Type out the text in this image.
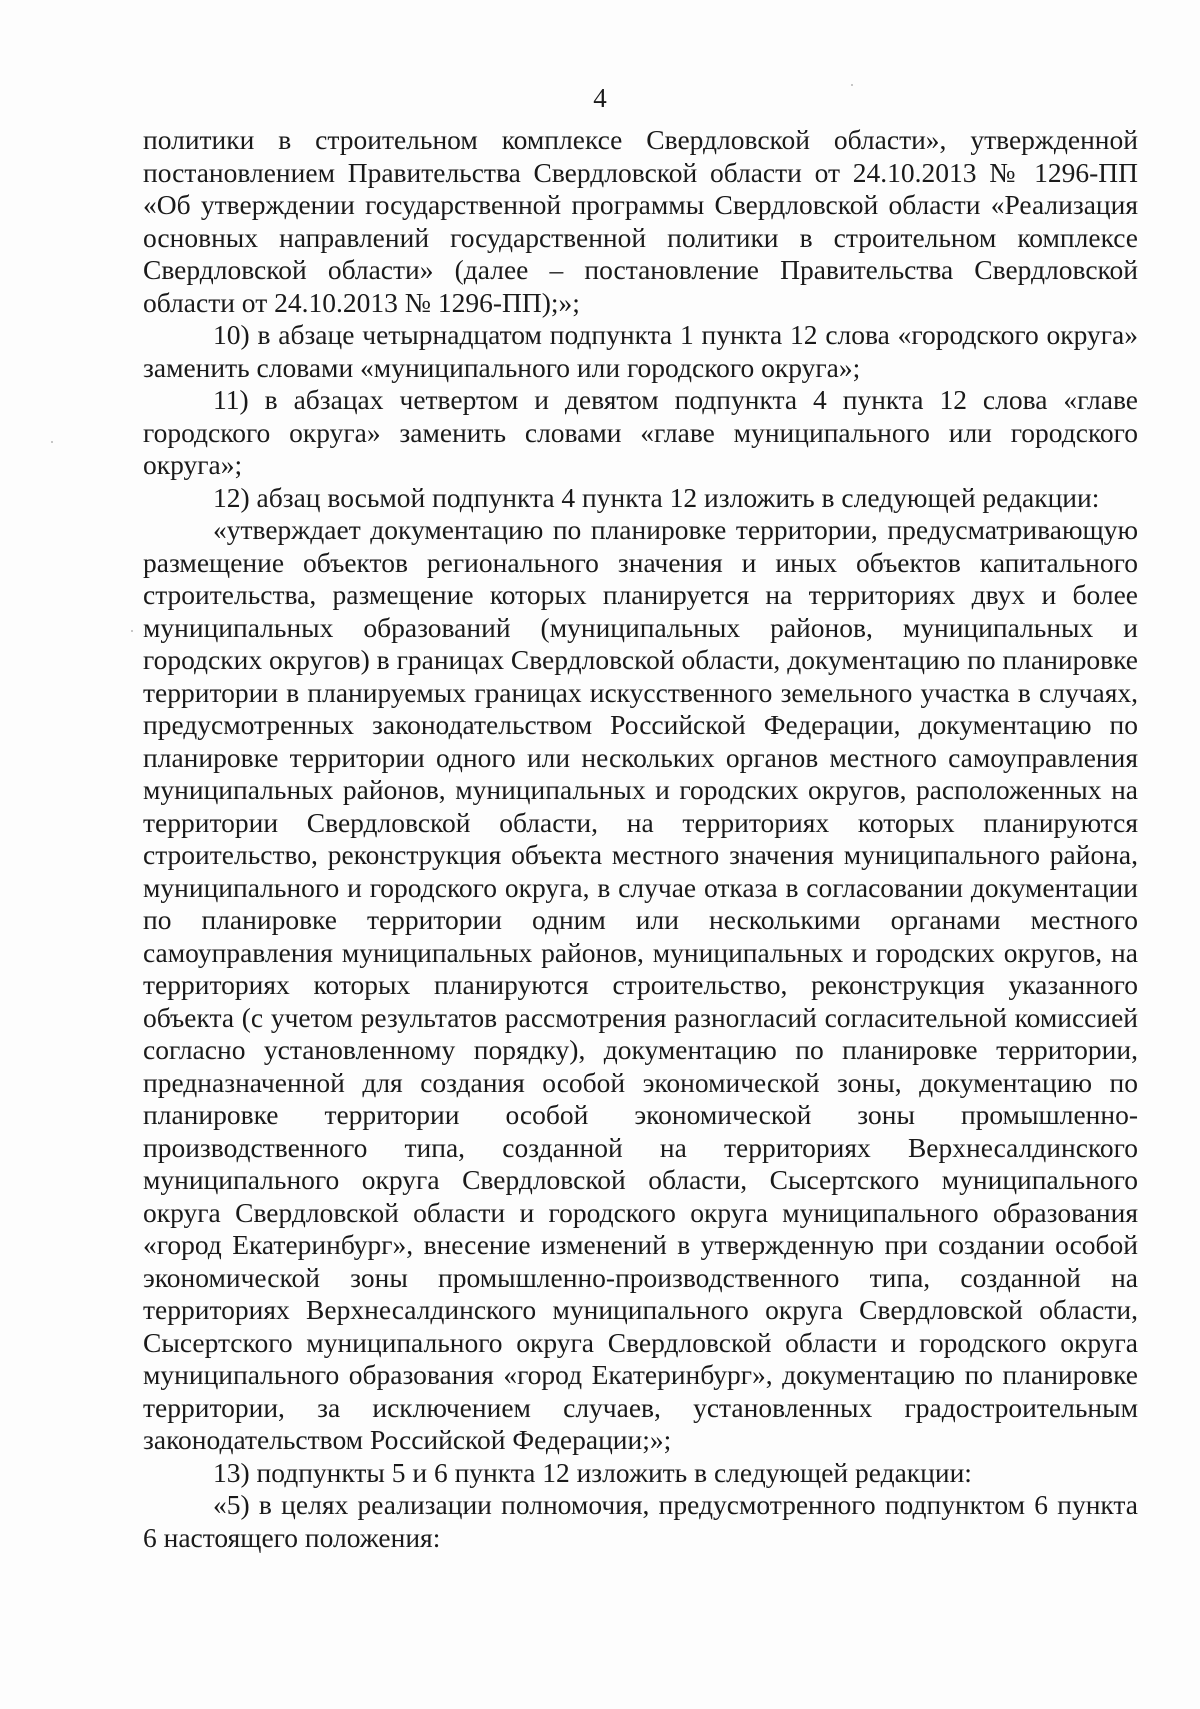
4

политики в строительном комплексе Свердловской области», утвержденной постановлением Правительства Свердловской области от 24.10.2013 № 1296-ПП «Об утверждении государственной программы Свердловской области «Реализация основных направлений государственной политики в строительном комплексе Свердловской области» (далее – постановление Правительства Свердловской области от 24.10.2013 № 1296-ПП);»;

10) в абзаце четырнадцатом подпункта 1 пункта 12 слова «городского округа» заменить словами «муниципального или городского округа»;

11) в абзацах четвертом и девятом подпункта 4 пункта 12 слова «главе городского округа» заменить словами «главе муниципального или городского округа»;

12) абзац восьмой подпункта 4 пункта 12 изложить в следующей редакции:

«утверждает документацию по планировке территории, предусматривающую размещение объектов регионального значения и иных объектов капитального строительства, размещение которых планируется на территориях двух и более муниципальных образований (муниципальных районов, муниципальных и городских округов) в границах Свердловской области, документацию по планировке территории в планируемых границах искусственного земельного участка в случаях, предусмотренных законодательством Российской Федерации, документацию по планировке территории одного или нескольких органов местного самоуправления муниципальных районов, муниципальных и городских округов, расположенных на территории Свердловской области, на территориях которых планируются строительство, реконструкция объекта местного значения муниципального района, муниципального и городского округа, в случае отказа в согласовании документации по планировке территории одним или несколькими органами местного самоуправления муниципальных районов, муниципальных и городских округов, на территориях которых планируются строительство, реконструкция указанного объекта (с учетом результатов рассмотрения разногласий согласительной комиссией согласно установленному порядку), документацию по планировке территории, предназначенной для создания особой экономической зоны, документацию по планировке территории особой экономической зоны промышленно-производственного типа, созданной на территориях Верхнесалдинского муниципального округа Свердловской области, Сысертского муниципального округа Свердловской области и городского округа муниципального образования «город Екатеринбург», внесение изменений в утвержденную при создании особой экономической зоны промышленно-производственного типа, созданной на территориях Верхнесалдинского муниципального округа Свердловской области, Сысертского муниципального округа Свердловской области и городского округа муниципального образования «город Екатеринбург», документацию по планировке территории, за исключением случаев, установленных градостроительным законодательством Российской Федерации;»;

13) подпункты 5 и 6 пункта 12 изложить в следующей редакции:

«5) в целях реализации полномочия, предусмотренного подпунктом 6 пункта 6 настоящего положения:
